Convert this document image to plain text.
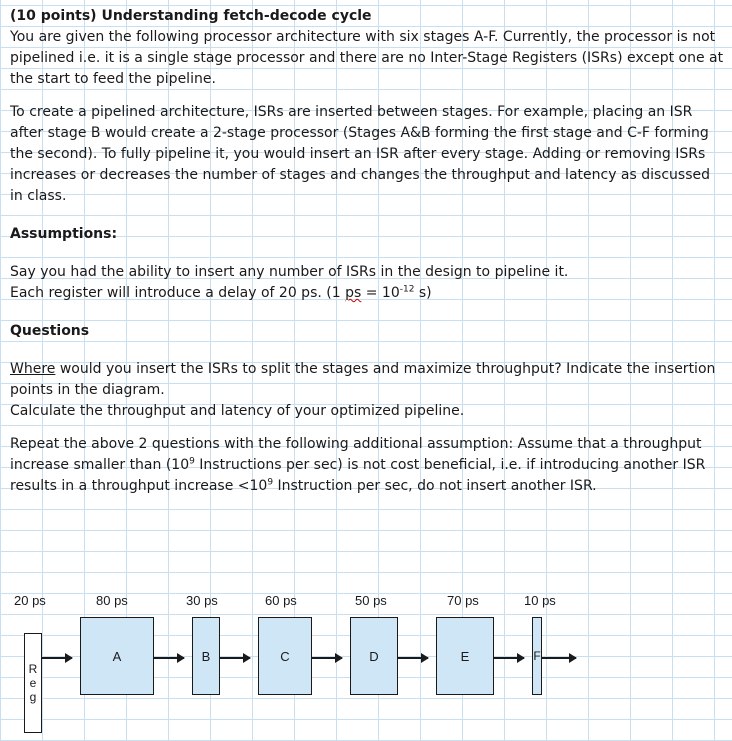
(10 points) Understanding fetch-decode cycle

You are given the following processor architecture with six stages A-F. Currently, the processor is not pipelined i.e. it is a single stage processor and there are no Inter-Stage Registers (ISRs) except one at the start to feed the pipeline.

To create a pipelined architecture, ISRs are inserted between stages. For example, placing an ISR after stage B would create a 2-stage processor (Stages A&B forming the first stage and C-F forming the second). To fully pipeline it, you would insert an ISR after every stage. Adding or removing ISRs increases or decreases the number of stages and changes the throughput and latency as discussed in class.

Assumptions:

Say you had the ability to insert any number of ISRs in the design to pipeline it.

Each register will introduce a delay of 20 ps. (1 ps = $10^{-12}$ s)

Questions

Where would you insert the ISRs to split the stages and maximize throughput? Indicate the insertion points in the diagram.

Calculate the throughput and latency of your optimized pipeline.

Repeat the above 2 questions with the following additional assumption: Assume that a throughput increase smaller than ($10^9$ Instructions per sec) is not cost beneficial, i.e. if introducing another ISR results in a throughput increase $<10^9$ Instruction per sec, do not insert another ISR.

20 ps	80 ps	30 ps	60 ps	50 ps	70 ps	10 ps
R
e
g
A	B	C	D	E	F
